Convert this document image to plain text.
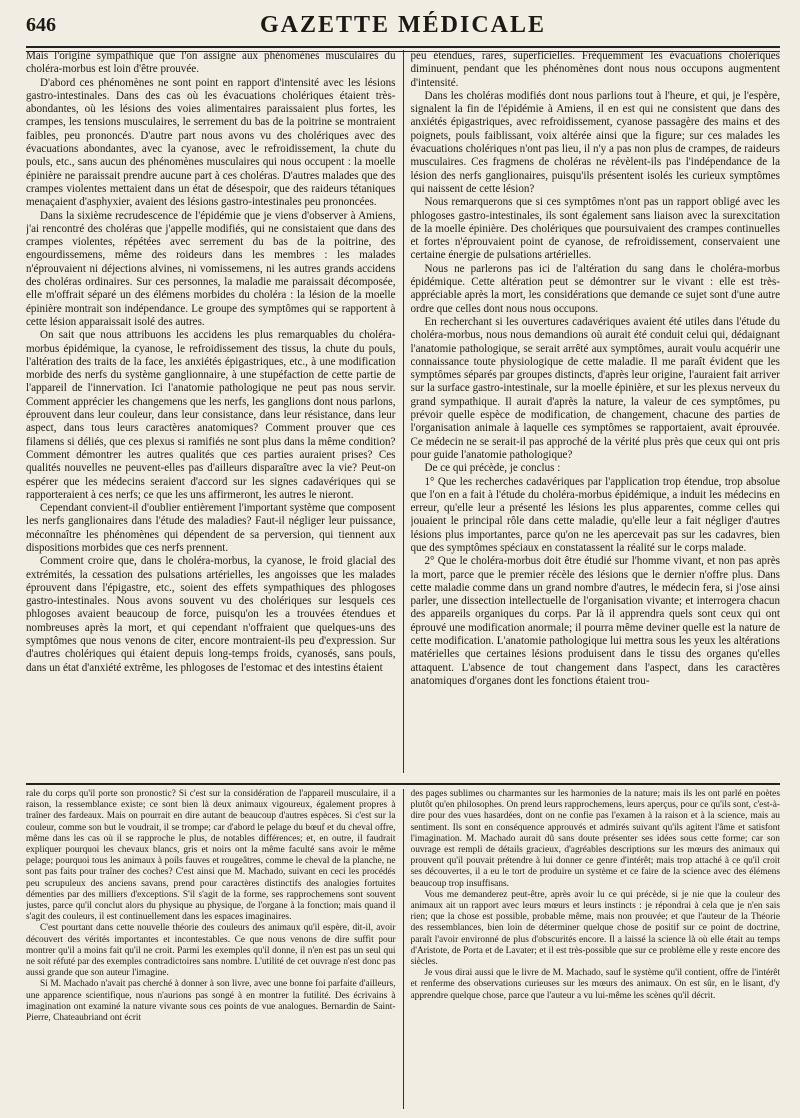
646	GAZETTE MÉDICALE

Mais l'origine sympathique que l'on assigne aux phénomènes musculaires du choléra-morbus est loin d'être prouvée.

D'abord ces phénomènes ne sont point en rapport d'intensité avec les lésions gastro-intestinales. Dans des cas où les évacuations cholériques étaient très-abondantes, où les lésions des voies alimentaires paraissaient plus fortes, les crampes, les tensions musculaires, le serrement du bas de la poitrine se montraient faibles, peu prononcés. D'autre part nous avons vu des cholériques avec des évacuations abondantes, avec la cyanose, avec le refroidissement, la chute du pouls, etc., sans aucun des phénomènes musculaires qui nous occupent : la moelle épinière ne paraissait prendre aucune part à ces choléras. D'autres malades que des crampes violentes mettaient dans un état de désespoir, que des raideurs tétaniques menaçaient d'asphyxier, avaient des lésions gastro-intestinales peu prononcées.

Dans la sixième recrudescence de l'épidémie que je viens d'observer à Amiens, j'ai rencontré des choléras que j'appelle modifiés, qui ne consistaient que dans des crampes violentes, répétées avec serrement du bas de la poitrine, des engourdissemens, même des roideurs dans les membres : les malades n'éprouvaient ni déjections alvines, ni vomissemens, ni les autres grands accidens des choléras ordinaires. Sur ces personnes, la maladie me paraissait décomposée, elle m'offrait séparé un des élémens morbides du choléra : la lésion de la moelle épinière montrait son indépendance. Le groupe des symptômes qui se rapportent à cette lésion apparaissait isolé des autres.

On sait que nous attribuons les accidens les plus remarquables du choléra-morbus épidémique, la cyanose, le refroidissement des tissus, la chute du pouls, l'altération des traits de la face, les anxiétés épigastriques, etc., à une modification morbide des nerfs du système ganglionnaire, à une stupéfaction de cette partie de l'appareil de l'innervation. Ici l'anatomie pathologique ne peut pas nous servir. Comment apprécier les changemens que les nerfs, les ganglions dont nous parlons, éprouvent dans leur couleur, dans leur consistance, dans leur résistance, dans leur aspect, dans tous leurs caractères anatomiques? Comment prouver que ces filamens si déliés, que ces plexus si ramifiés ne sont plus dans la même condition? Comment démontrer les autres qualités que ces parties auraient prises? Ces qualités nouvelles ne peuvent-elles pas d'ailleurs disparaître avec la vie? Peut-on espérer que les médecins seraient d'accord sur les signes cadavériques qui se rapporteraient à ces nerfs; ce que les uns affirmeront, les autres le nieront.

Cependant convient-il d'oublier entièrement l'important système que composent les nerfs ganglionaires dans l'étude des maladies? Faut-il négliger leur puissance, méconnaître les phénomènes qui dépendent de sa perversion, qui tiennent aux dispositions morbides que ces nerfs prennent.

Comment croire que, dans le choléra-morbus, la cyanose, le froid glacial des extrémités, la cessation des pulsations artérielles, les angoisses que les malades éprouvent dans l'épigastre, etc., soient des effets sympathiques des phlogoses gastro-intestinales. Nous avons souvent vu des cholériques sur lesquels ces phlogoses avaient beaucoup de force, puisqu'on les a trouvées étendues et nombreuses après la mort, et qui cependant n'offraient que quelques-uns des symptômes que nous venons de citer, encore montraient-ils peu d'expression. Sur d'autres cholériques qui étaient depuis long-temps froids, cyanosés, sans pouls, dans un état d'anxiété extrême, les phlogoses de l'estomac et des intestins étaient

peu étendues, rares, superficielles. Fréquemment les évacuations cholériques diminuent, pendant que les phénomènes dont nous nous occupons augmentent d'intensité.

Dans les choléras modifiés dont nous parlions tout à l'heure, et qui, je l'espère, signalent la fin de l'épidémie à Amiens, il en est qui ne consistent que dans des anxiétés épigastriques, avec refroidissement, cyanose passagère des mains et des poignets, pouls faiblissant, voix altérée ainsi que la figure; sur ces malades les évacuations cholériques n'ont pas lieu, il n'y a pas non plus de crampes, de raideurs musculaires. Ces fragmens de choléras ne révèlent-ils pas l'indépendance de la lésion des nerfs ganglionaires, puisqu'ils présentent isolés les curieux symptômes qui naissent de cette lésion?

Nous remarquerons que si ces symptômes n'ont pas un rapport obligé avec les phlogoses gastro-intestinales, ils sont également sans liaison avec la surexcitation de la moelle épinière. Des cholériques que poursuivaient des crampes continuelles et fortes n'éprouvaient point de cyanose, de refroidissement, conservaient une certaine énergie de pulsations artérielles.

Nous ne parlerons pas ici de l'altération du sang dans le choléra-morbus épidémique. Cette altération peut se démontrer sur le vivant : elle est très-appréciable après la mort, les considérations que demande ce sujet sont d'une autre ordre que celles dont nous nous occupons.

En recherchant si les ouvertures cadavériques avaient été utiles dans l'étude du choléra-morbus, nous nous demandions où aurait été conduit celui qui, dédaignant l'anatomie pathologique, se serait arrêté aux symptômes, aurait voulu acquérir une connaissance toute physiologique de cette maladie. Il me paraît évident que les symptômes séparés par groupes distincts, d'après leur origine, l'auraient fait arriver sur la surface gastro-intestinale, sur la moelle épinière, et sur les plexus nerveux du grand sympathique. Il aurait d'après la nature, la valeur de ces symptômes, pu prévoir quelle espèce de modification, de changement, chacune des parties de l'organisation animale à laquelle ces symptômes se rapportaient, avait éprouvée. Ce médecin ne se serait-il pas approché de la vérité plus près que ceux qui ont pris pour guide l'anatomie pathologique?

De ce qui précède, je conclus :

1° Que les recherches cadavériques par l'application trop étendue, trop absolue que l'on en a fait à l'étude du choléra-morbus épidémique, a induit les médecins en erreur, qu'elle leur a présenté les lésions les plus apparentes, comme celles qui jouaient le principal rôle dans cette maladie, qu'elle leur a fait négliger d'autres lésions plus importantes, parce qu'on ne les apercevait pas sur les cadavres, bien que des symptômes spéciaux en constatassent la réalité sur le corps malade.

2° Que le choléra-morbus doit être étudié sur l'homme vivant, et non pas après la mort, parce que le premier récèle des lésions que le dernier n'offre plus. Dans cette maladie comme dans un grand nombre d'autres, le médecin fera, si j'ose ainsi parler, une dissection intellectuelle de l'organisation vivante; et interrogera chacun des appareils organiques du corps. Par là il apprendra quels sont ceux qui ont éprouvé une modification anormale; il pourra même deviner quelle est la nature de cette modification. L'anatomie pathologique lui mettra sous les yeux les altérations matérielles que certaines lésions produisent dans le tissu des organes qu'elles attaquent. L'absence de tout changement dans l'aspect, dans les caractères anatomiques d'organes dont les fonctions étaient trou-

rale du corps qu'il porte son pronostic? Si c'est sur la considération de l'appareil musculaire, il a raison, la ressemblance existe; ce sont bien là deux animaux vigoureux, également propres à traîner des fardeaux. Mais on pourrait en dire autant de beaucoup d'autres espèces. Si c'est sur la couleur, comme son but le voudrait, il se trompe; car d'abord le pelage du bœuf et du cheval offre, même dans les cas où il se rapproche le plus, de notables différences; et, en outre, il faudrait expliquer pourquoi les chevaux blancs, gris et noirs ont la même faculté sans avoir le même pelage; pourquoi tous les animaux à poils fauves et rougeâtres, comme le cheval de la planche, ne sont pas faits pour traîner des coches? C'est ainsi que M. Machado, suivant en ceci les procédés peu scrupuleux des anciens savans, prend pour caractères distinctifs des analogies fortuites démenties par des milliers d'exceptions. S'il s'agit de la forme, ses rapprochemens sont souvent justes, parce qu'il conclut alors du physique au physique, de l'organe à la fonction; mais quand il s'agit des couleurs, il est continuellement dans les espaces imaginaires.

C'est pourtant dans cette nouvelle théorie des couleurs des animaux qu'il espère, dit-il, avoir découvert des vérités importantes et incontestables. Ce que nous venons de dire suffit pour montrer qu'il a moins fait qu'il ne croit. Parmi les exemples qu'il donne, il n'en est pas un seul qui ne soit réfuté par des exemples contradictoires sans nombre. L'utilité de cet ouvrage n'est donc pas aussi grande que son auteur l'imagine.

Si M. Machado n'avait pas cherché à donner à son livre, avec une bonne foi parfaite d'ailleurs, une apparence scientifique, nous n'aurions pas songé à en montrer la futilité. Des écrivains à imagination ont examiné la nature vivante sous ces points de vue analogues. Bernardin de Saint-Pierre, Chateaubriand ont écrit

des pages sublimes ou charmantes sur les harmonies de la nature; mais ils les ont parlé en poètes plutôt qu'en philosophes. On prend leurs rapprochemens, leurs aperçus, pour ce qu'ils sont, c'est-à-dire pour des vues hasardées, dont on ne confie pas l'examen à la raison et à la science, mais au sentiment. Ils sont en conséquence approuvés et admirés suivant qu'ils agitent l'âme et satisfont l'imagination. M. Machado aurait dû sans doute présenter ses idées sous cette forme; car son ouvrage est rempli de détails gracieux, d'agréables descriptions sur les mœurs des animaux qui prouvent qu'il pouvait prétendre à lui donner ce genre d'intérêt; mais trop attaché à ce qu'il croit ses découvertes, il a eu le tort de produire un système et ce faire de la science avec des élémens beaucoup trop insuffisans.

Vous me demanderez peut-être, après avoir lu ce qui précède, si je nie que la couleur des animaux ait un rapport avec leurs mœurs et leurs instincts : je répondrai à cela que je n'en sais rien; que la chose est possible, probable même, mais non prouvée; et que l'auteur de la Théorie des ressemblances, bien loin de déterminer quelque chose de positif sur ce point de doctrine, paraît l'avoir environné de plus d'obscurités encore. Il a laissé la science là où elle était au temps d'Aristote, de Porta et de Lavater; et il est très-possible que sur ce problème elle y reste encore des siècles.

Je vous dirai aussi que le livre de M. Machado, sauf le système qu'il contient, offre de l'intérêt et renferme des observations curieuses sur les mœurs des animaux. On est sûr, en le lisant, d'y apprendre quelque chose, parce que l'auteur a vu lui-même les scènes qu'il décrit.
